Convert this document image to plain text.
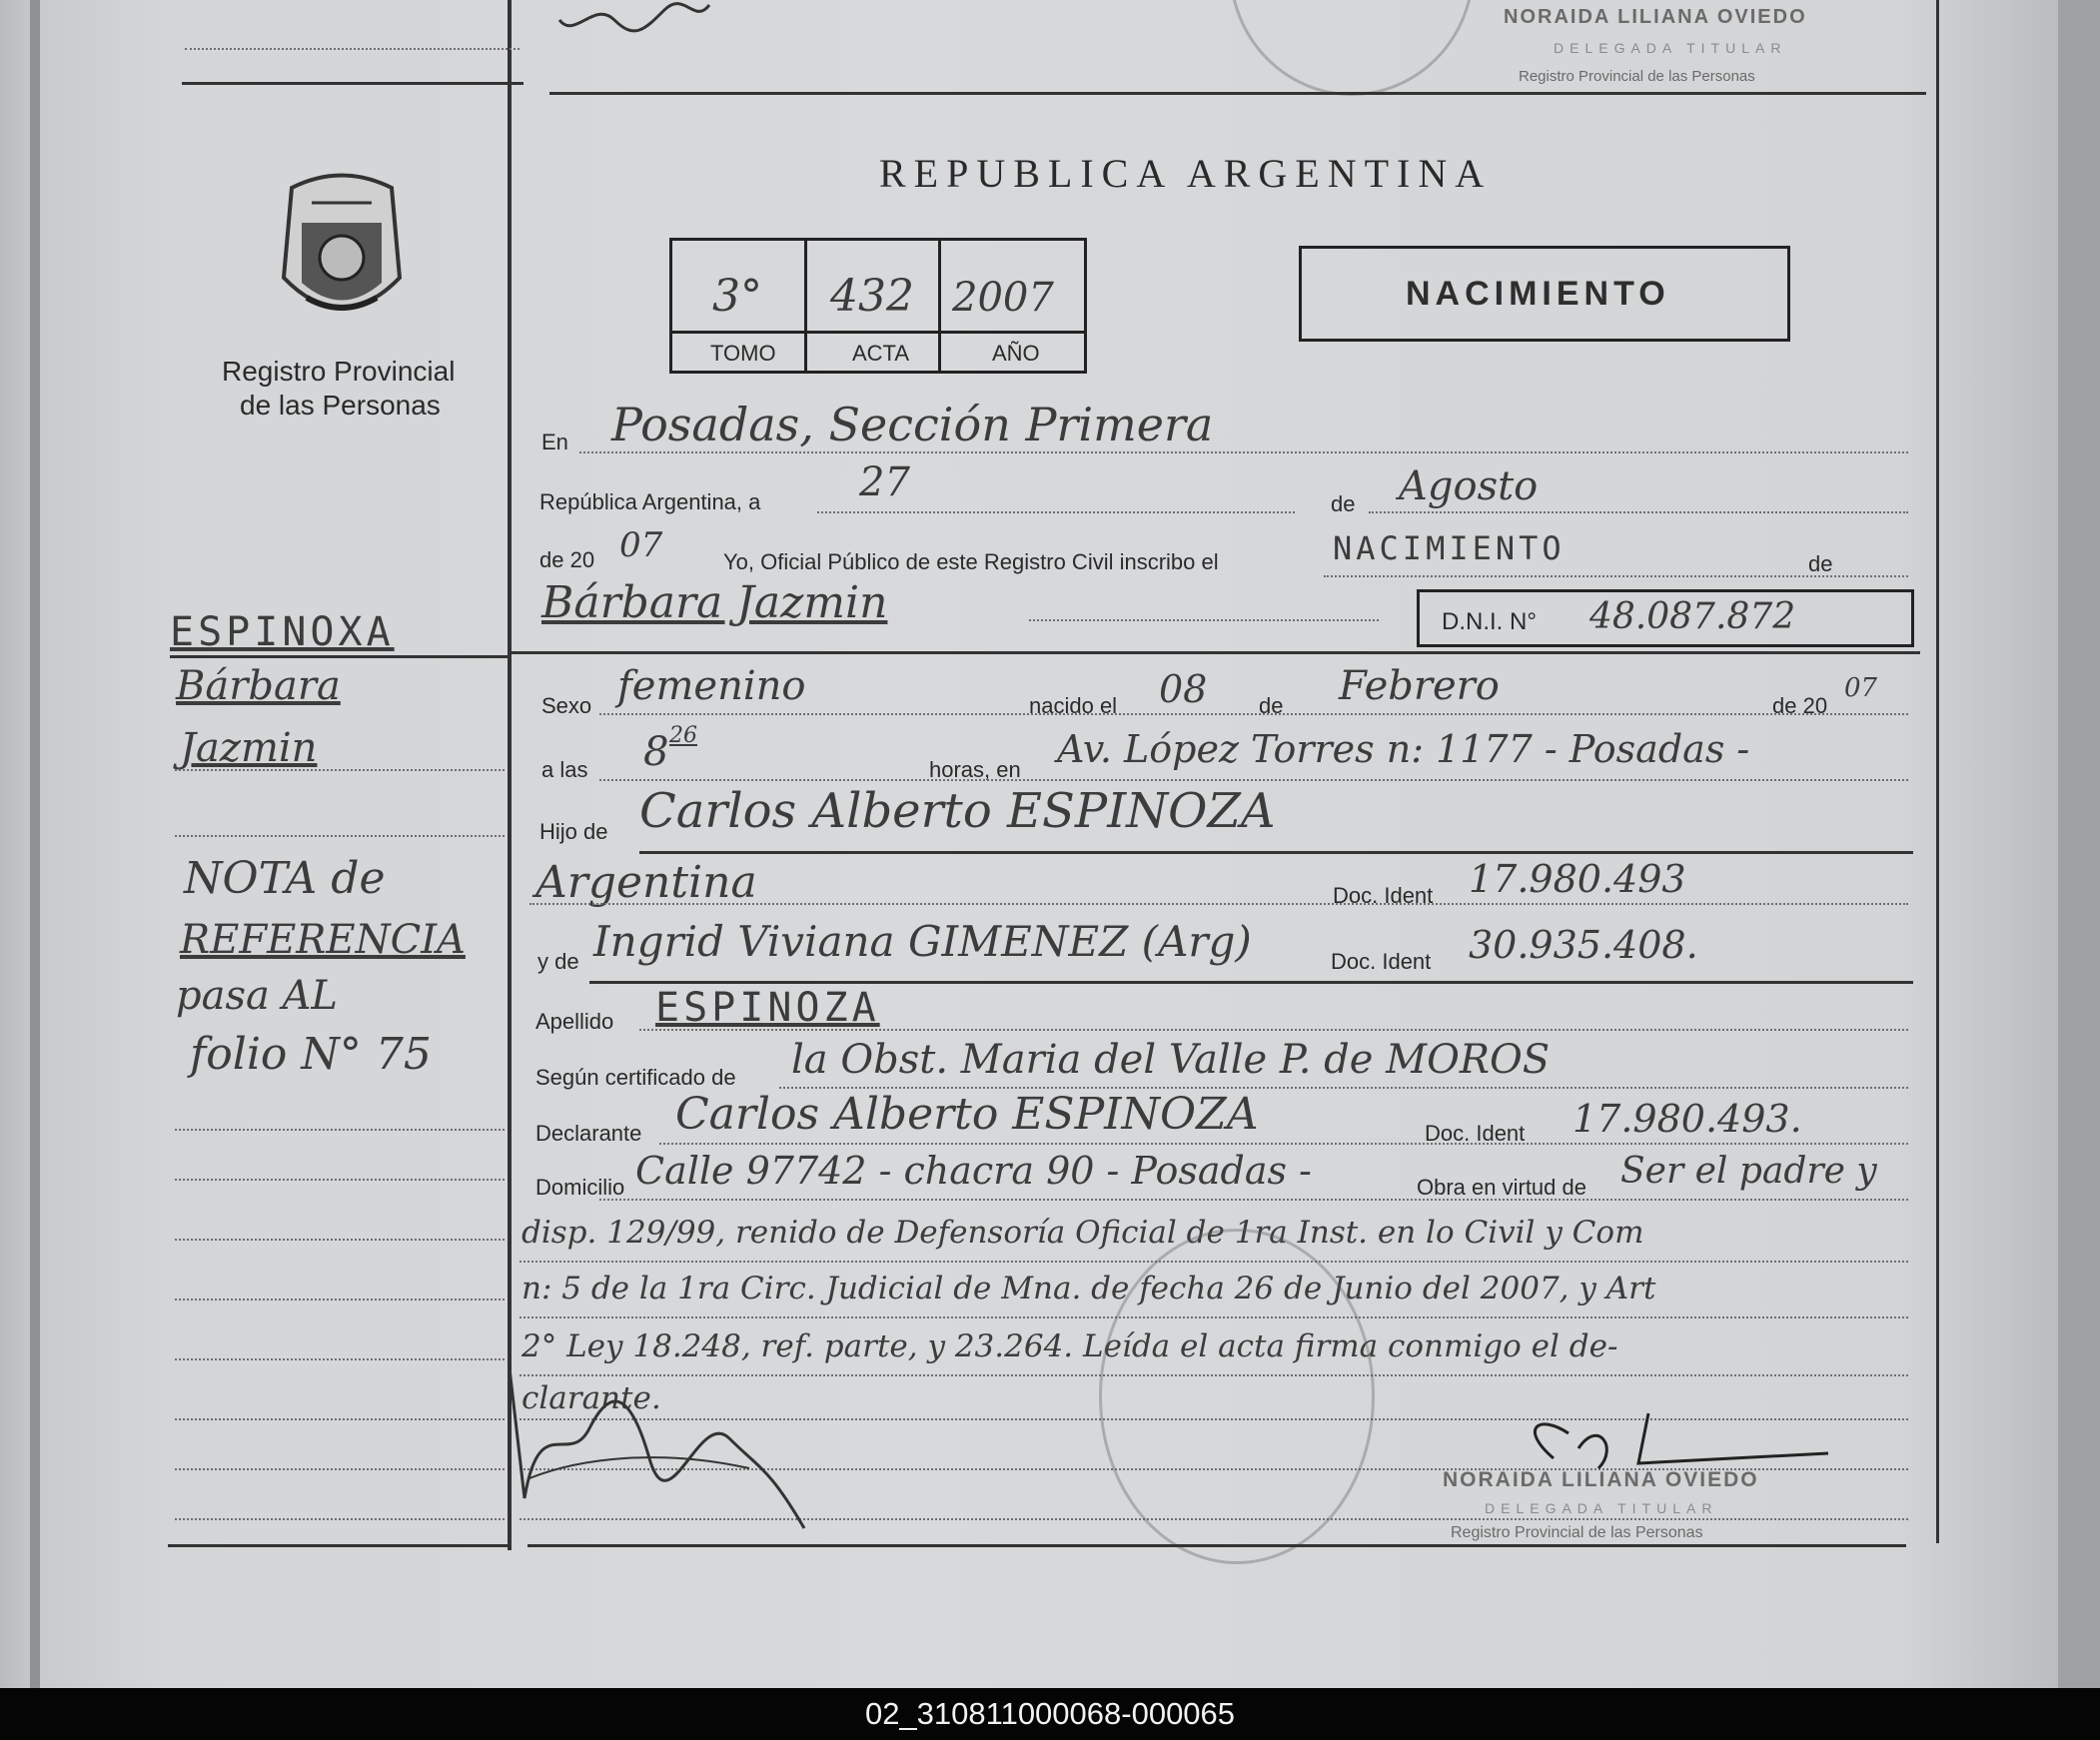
NORAIDA LILIANA OVIEDO
DELEGADA TITULAR
Registro Provincial de las Personas
REPUBLICA ARGENTINA
Registro Provincial
de las Personas
3° 432 2007
TOMO	ACTA	AÑO
NACIMIENTO
En Posadas, Sección Primera
República Argentina, a 27	de Agosto
de 20 07	Yo, Oficial Público de este Registro Civil inscribo el	NACIMIENTO	de
Bárbara Jazmin	D.N.I. N° 48.087.872
Sexo femenino	nacido el 08 de Febrero	de 20
07
a las 8 26
horas, en Av. López Torres n: 1177 - Posadas -
Hijo de Carlos Alberto ESPINOZA
Argentina	Doc. Ident 17.980.493
y de Ingrid Viviana GIMENEZ (Arg)	Doc. Ident 30.935.408.
Apellido ESPINOZA
Según certificado de la Obst. Maria del Valle P. de MOROS
Declarante Carlos Alberto ESPINOZA	Doc. Ident 17.980.493.
Domicilio Calle 97742 - chacra 90 - Posadas -	Obra en virtud de Ser el padre y
disp. 129/99, renido de Defensoría Oficial de 1ra Inst. en lo Civil y Com
n: 5 de la 1ra Circ. Judicial de Mna. de fecha 26 de Junio del 2007, y Art
2° Ley 18.248, ref. parte, y 23.264. Leída el acta firma conmigo el de-
clarante.
NORAIDA LILIANA OVIEDO
DELEGADA TITULAR
Registro Provincial de las Personas
ESPINOXA
Bárbara
Jazmin
NOTA de
REFERENCIA
pasa AL
folio N° 75
02_310811000068-000065
